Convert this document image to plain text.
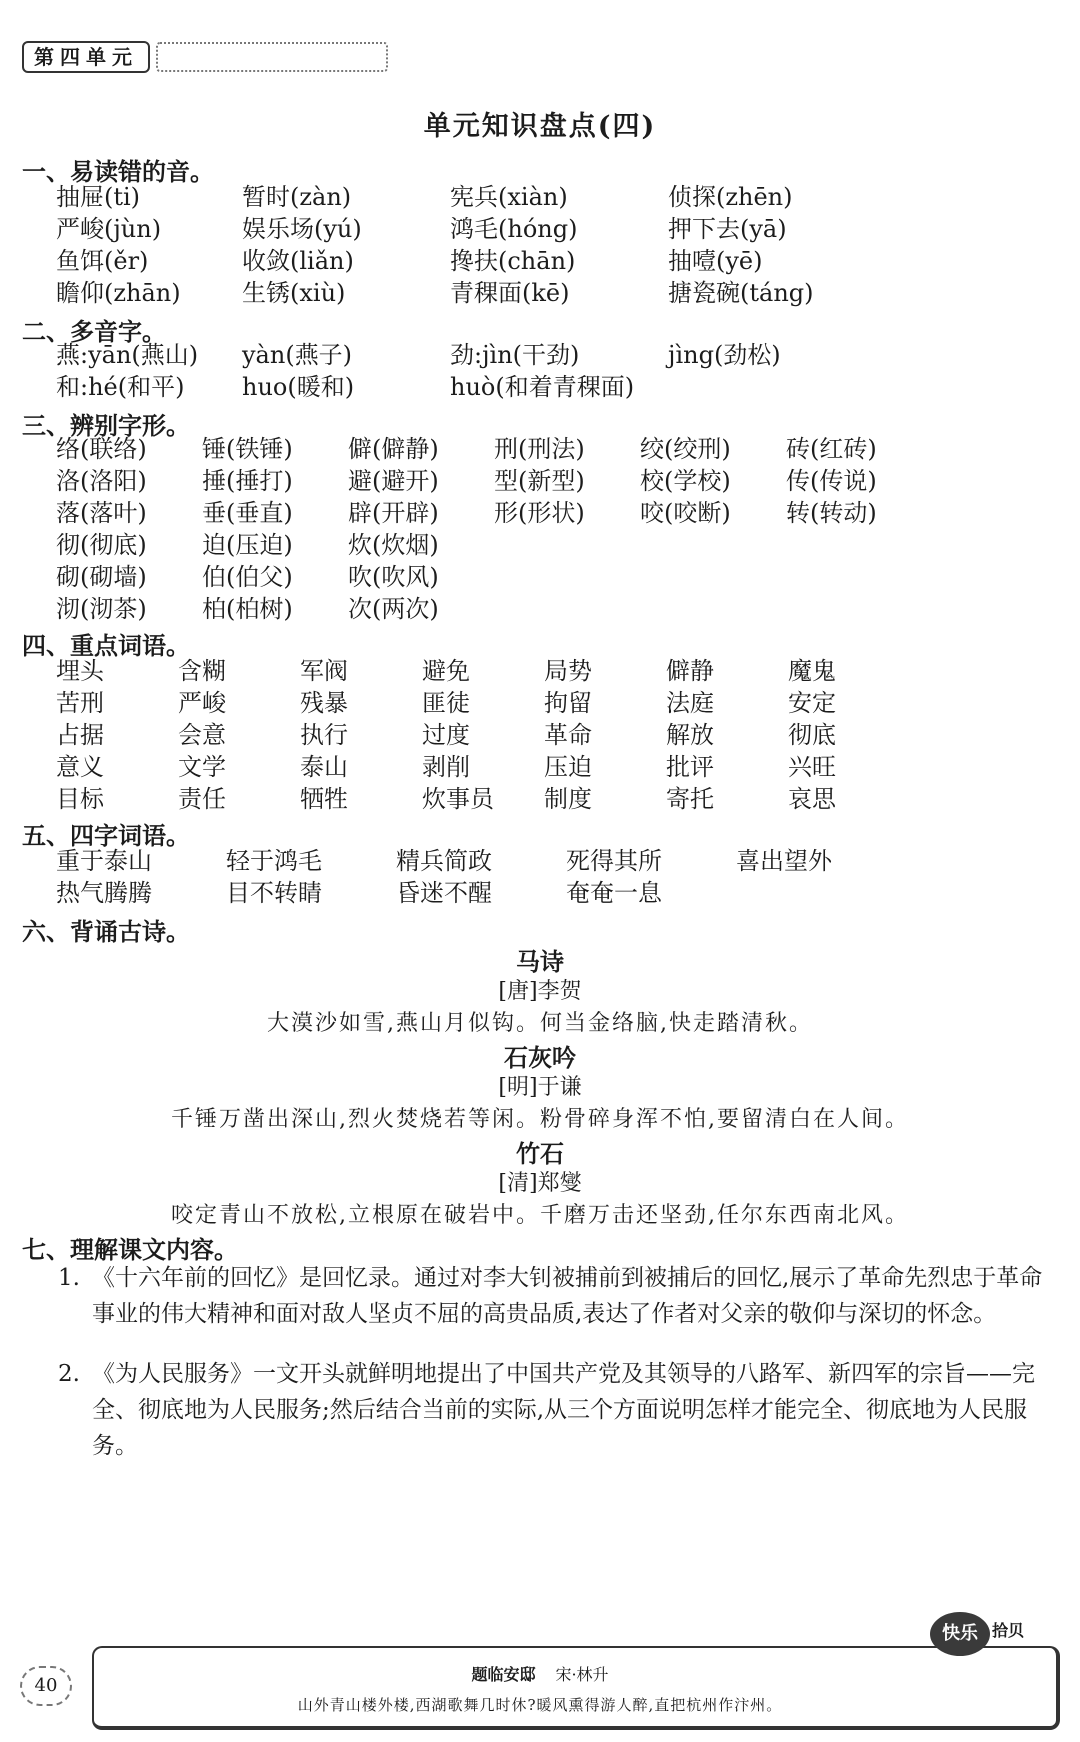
第四单元
单元知识盘点(四)
一、易读错的音。
抽屉(ti)	暂时(zàn)	宪兵(xiàn)	侦探(zhēn)
严峻(jùn)	娱乐场(yú)	鸿毛(hóng)	押下去(yā)
鱼饵(ěr)	收敛(liǎn)	搀扶(chān)	抽噎(yē)
瞻仰(zhān)	生锈(xiù)	青稞面(kē)	搪瓷碗(táng)
二、多音字。
燕:yān(燕山) yàn(燕子)	劲:jìn(干劲)	jìng(劲松)
和:hé(和平) huo(暖和)	huò(和着青稞面)
三、辨别字形。
络(联络) 锤(铁锤) 僻(僻静) 刑(刑法) 绞(绞刑) 砖(红砖)
洛(洛阳) 捶(捶打) 避(避开) 型(新型) 校(学校) 传(传说)
落(落叶) 垂(垂直) 辟(开辟) 形(形状) 咬(咬断) 转(转动)
彻(彻底) 迫(压迫) 炊(炊烟)
砌(砌墙) 伯(伯父) 吹(吹风)
沏(沏茶) 柏(柏树) 次(两次)
四、重点词语。
埋头	含糊	军阀	避免	局势	僻静	魔鬼
苦刑	严峻	残暴	匪徒	拘留	法庭	安定
占据	会意	执行	过度	革命	解放	彻底
意义	文学	泰山	剥削	压迫	批评	兴旺
目标	责任	牺牲	炊事员 制度	寄托	哀思
五、四字词语。
重于泰山	轻于鸿毛	精兵简政	死得其所	喜出望外
热气腾腾	目不转睛	昏迷不醒	奄奄一息
六、背诵古诗。
马诗
[唐]李贺
大漠沙如雪,燕山月似钩。何当金络脑,快走踏清秋。
石灰吟
[明]于谦
千锤万凿出深山,烈火焚烧若等闲。粉骨碎身浑不怕,要留清白在人间。
竹石
[清]郑燮
咬定青山不放松,立根原在破岩中。千磨万击还坚劲,任尔东西南北风。
七、理解课文内容。
1. 《十六年前的回忆》是回忆录。通过对李大钊被捕前到被捕后的回忆,展示了革命先烈忠于革命事业的伟大精神和面对敌人坚贞不屈的高贵品质,表达了作者对父亲的敬仰与深切的怀念。
2. 《为人民服务》一文开头就鲜明地提出了中国共产党及其领导的八路军、新四军的宗旨——完全、彻底地为人民服务;然后结合当前的实际,从三个方面说明怎样才能完全、彻底地为人民服务。
40
快乐 拾贝
题临安邸 宋·林升
山外青山楼外楼,西湖歌舞几时休?暖风熏得游人醉,直把杭州作汴州。
